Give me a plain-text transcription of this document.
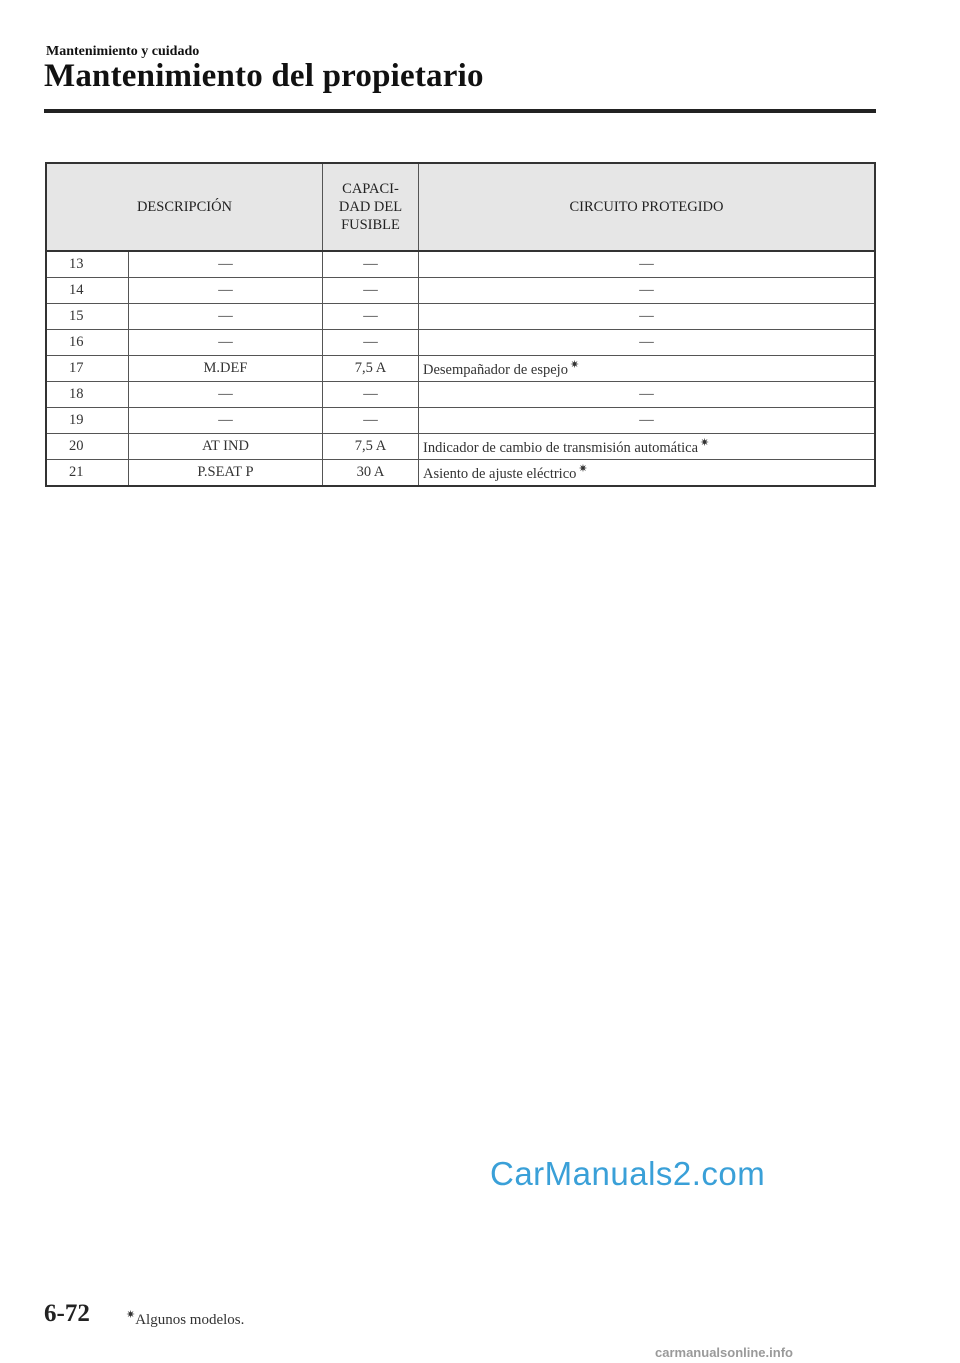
Mantenimiento y cuidado
Mantenimiento del propietario
DESCRIPCIÓN		CAPACI-
DAD DEL
FUSIBLE	CIRCUITO PROTEGIDO
13	—	—	—
14	—	—	—
15	—	—	—
16	—	—	—
17	M.DEF	7,5 A	Desempañador de espejo ✷
18	—	—	—
19	—	—	—
20	AT IND	7,5 A	Indicador de cambio de transmisión automática ✷
21	P.SEAT P	30 A	Asiento de ajuste eléctrico ✷
CarManuals2.com
6-72	✷Algunos modelos.
carmanualsonline.info
